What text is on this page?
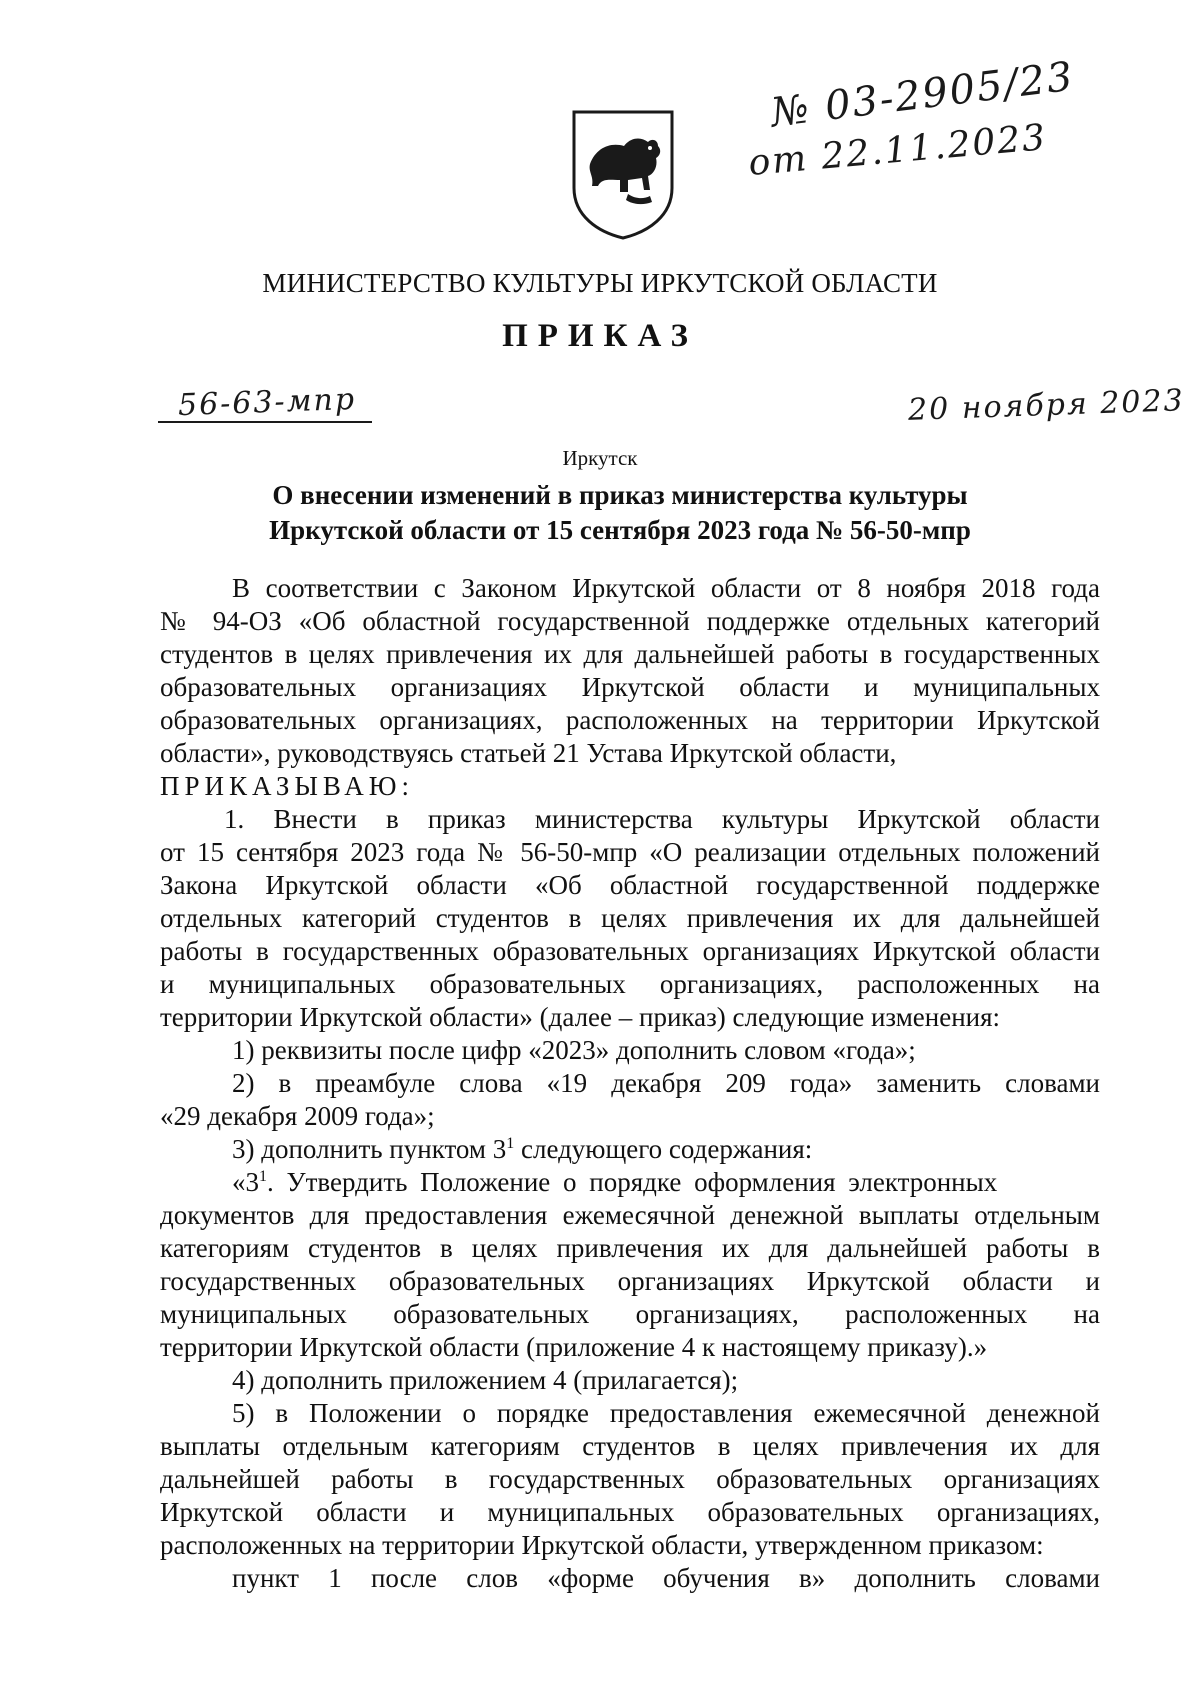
№ 03-2905/23
от 22.11.2023
МИНИСТЕРСТВО КУЛЬТУРЫ ИРКУТСКОЙ ОБЛАСТИ
ПРИКАЗ
56-63-мпр	20 ноября 2023
Иркутск
О внесении изменений в приказ министерства культуры
Иркутской области от 15 сентября 2023 года № 56-50-мпр
В соответствии с Законом Иркутской области от 8 ноября 2018 года
№ 94-ОЗ «Об областной государственной поддержке отдельных категорий
студентов в целях привлечения их для дальнейшей работы в государственных
образовательных организациях Иркутской области и муниципальных
образовательных организациях, расположенных на территории Иркутской
области», руководствуясь статьей 21 Устава Иркутской области,
ПРИКАЗЫВАЮ:
1. Внести в приказ министерства культуры Иркутской области
от 15 сентября 2023 года № 56-50-мпр «О реализации отдельных положений
Закона Иркутской области «Об областной государственной поддержке
отдельных категорий студентов в целях привлечения их для дальнейшей
работы в государственных образовательных организациях Иркутской области
и муниципальных образовательных организациях, расположенных на
территории Иркутской области» (далее – приказ) следующие изменения:
1) реквизиты после цифр «2023» дополнить словом «года»;
2) в преамбуле слова «19 декабря 209 года» заменить словами
«29 декабря 2009 года»;
3) дополнить пунктом $3^1$ следующего содержания:
«$3^1$. Утвердить Положение о порядке оформления электронных
документов для предоставления ежемесячной денежной выплаты отдельным
категориям студентов в целях привлечения их для дальнейшей работы в
государственных образовательных организациях Иркутской области и
муниципальных образовательных организациях, расположенных на
территории Иркутской области (приложение 4 к настоящему приказу).»
4) дополнить приложением 4 (прилагается);
5) в Положении о порядке предоставления ежемесячной денежной
выплаты отдельным категориям студентов в целях привлечения их для
дальнейшей работы в государственных образовательных организациях
Иркутской области и муниципальных образовательных организациях,
расположенных на территории Иркутской области, утвержденном приказом:
пункт 1 после слов «форме обучения в» дополнить словами
